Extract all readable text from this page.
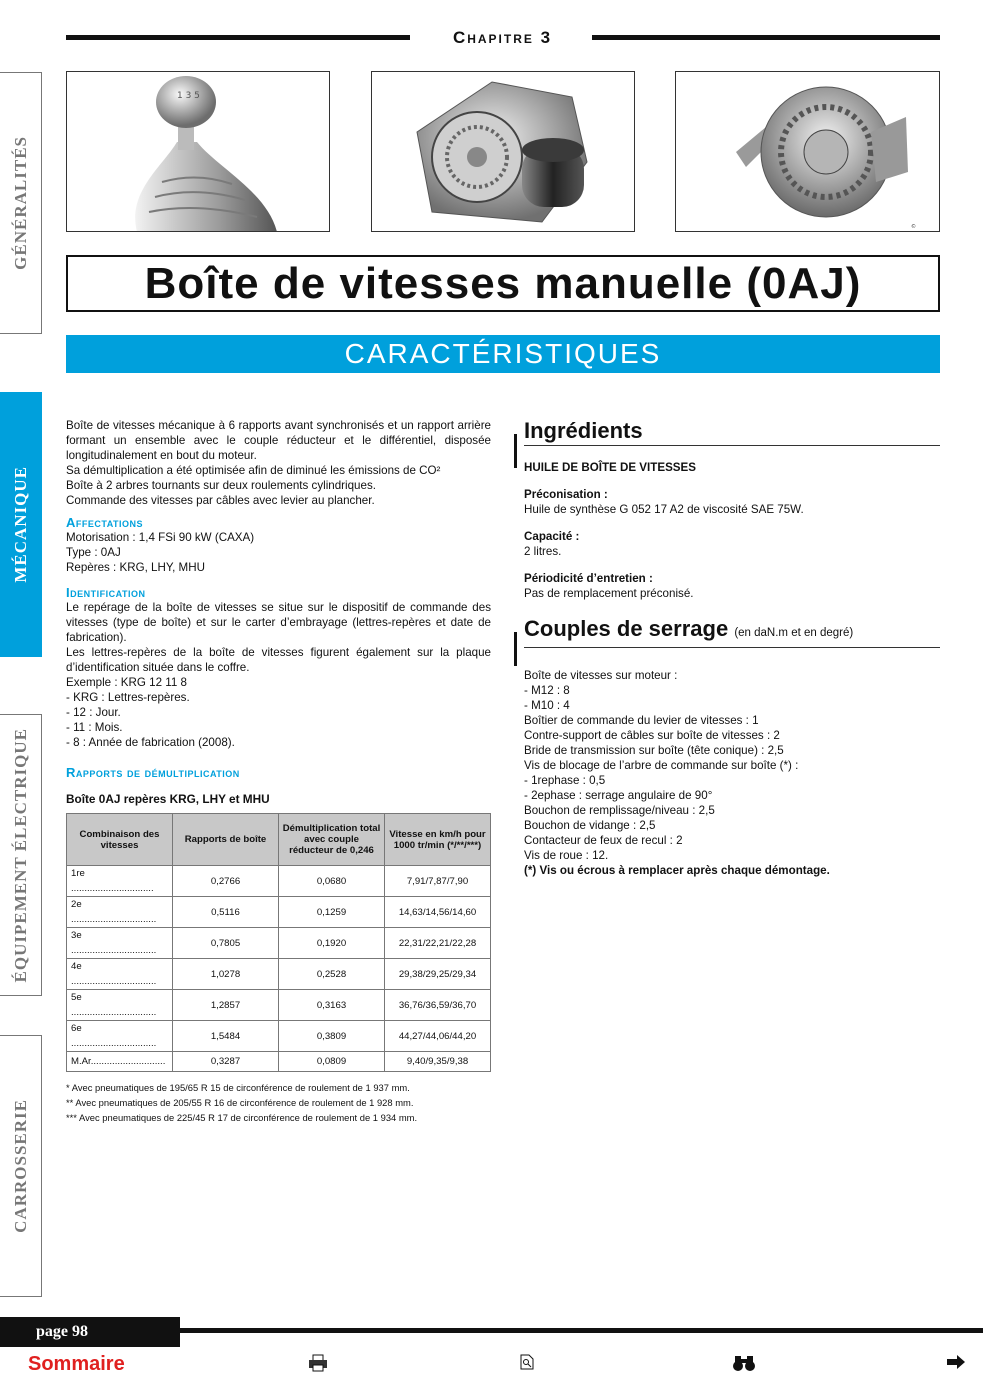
Chapitre 3
GÉNÉRALITÉS
MÉCANIQUE
ÉQUIPEMENT ÉLECTRIQUE
CARROSSERIE
1 3 5
©
Boîte de vitesses manuelle (0AJ)
CARACTÉRISTIQUES

Boîte de vitesses mécanique à 6 rapports avant synchronisés et un rapport arrière formant un ensemble avec le couple réducteur et le différentiel, disposée longitudinalement en bout du moteur.

Sa démultiplication a été optimisée afin de diminué les émissions de CO²
Boîte à 2 arbres tournants sur deux roulements cylindriques.
Commande des vitesses par câbles avec levier au plancher.
Affectations
Motorisation : 1,4 FSi 90 kW (CAXA)
Type : 0AJ
Repères : KRG, LHY, MHU
Identification

Le repérage de la boîte de vitesses se situe sur le dispositif de commande des vitesses (type de boîte) et sur le carter d’embrayage (lettres-repères et date de fabrication).

Les lettres-repères de la boîte de vitesses figurent également sur la plaque d’identification située dans le coffre.

Exemple : KRG 12 11 8
- KRG : Lettres-repères.
- 12 : Jour.
- 11 : Mois.
- 8 : Année de fabrication (2008).
Rapports de démultiplication
Boîte 0AJ repères KRG, LHY et MHU
Combinaison des vitesses	Rapports de boîte	Démultiplication total avec couple réducteur de 0,246	Vitesse en km/h pour 1000 tr/min (*/**/***)
1re ...............................	0,2766	0,0680	7,91/7,87/7,90
2e ................................	0,5116	0,1259	14,63/14,56/14,60
3e ................................	0,7805	0,1920	22,31/22,21/22,28
4e ................................	1,0278	0,2528	29,38/29,25/29,34
5e ................................	1,2857	0,3163	36,76/36,59/36,70
6e ................................	1,5484	0,3809	44,27/44,06/44,20
M.Ar............................	0,3287	0,0809	9,40/9,35/9,38
* Avec pneumatiques de 195/65 R 15 de circonférence de roulement de 1 937 mm.
** Avec pneumatiques de 205/55 R 16 de circonférence de roulement de 1 928 mm.
*** Avec pneumatiques de 225/45 R 17 de circonférence de roulement de 1 934 mm.
Ingrédients
HUILE DE BOÎTE DE VITESSES
Préconisation :
Huile de synthèse G 052 17 A2 de viscosité SAE 75W.
Capacité :
2 litres.
Périodicité d’entretien :
Pas de remplacement préconisé.
Couples de serrage (en daN.m et en degré)
Boîte de vitesses sur moteur :
- M12 : 8
- M10 : 4
Boîtier de commande du levier de vitesses : 1
Contre-support de câbles sur boîte de vitesses : 2
Bride de transmission sur boîte (tête conique) : 2,5
Vis de blocage de l’arbre de commande sur boîte (*) :
- 1rephase : 0,5
- 2ephase : serrage angulaire de 90°
Bouchon de remplissage/niveau : 2,5
Bouchon de vidange : 2,5
Contacteur de feux de recul : 2
Vis de roue : 12.
(*) Vis ou écrous à remplacer après chaque démontage.
page 98
Sommaire
